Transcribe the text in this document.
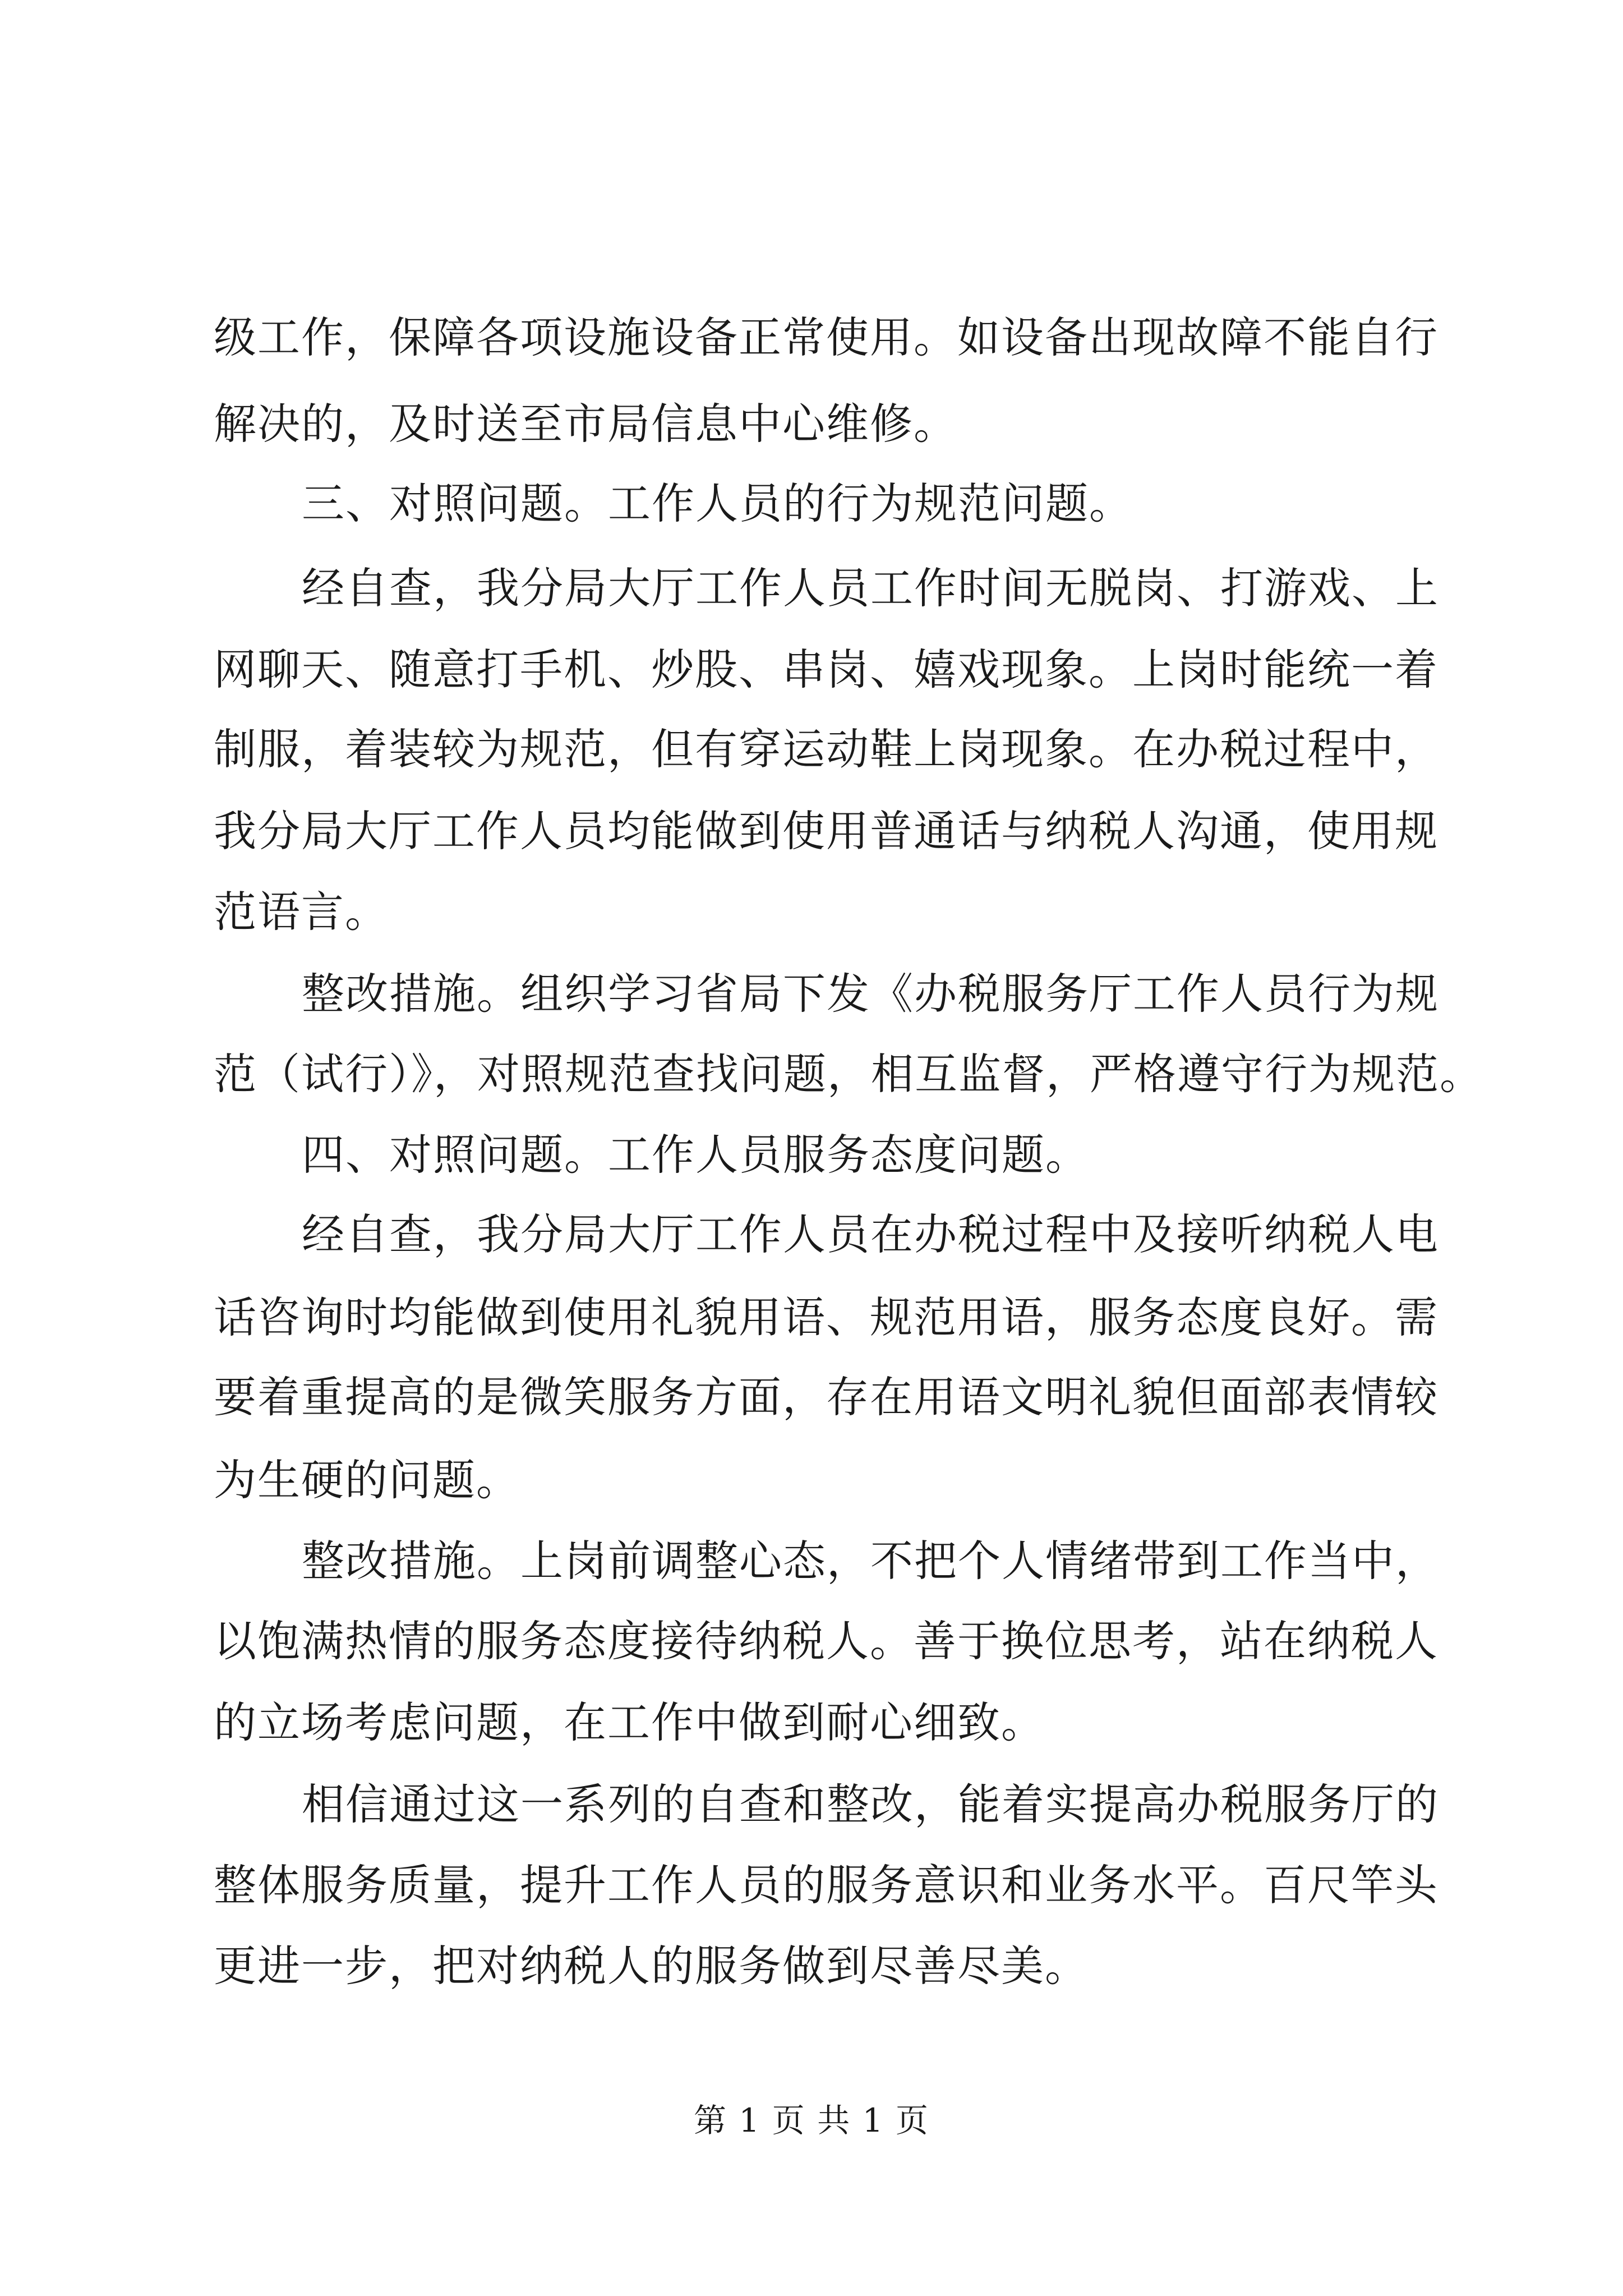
级工作，保障各项设施设备正常使用。如设备出现故障不能自行
解决的，及时送至市局信息中心维修。
三、对照问题。工作人员的行为规范问题。
经自查，我分局大厅工作人员工作时间无脱岗、打游戏、上
网聊天、随意打手机、炒股、串岗、嬉戏现象。上岗时能统一着
制服，着装较为规范，但有穿运动鞋上岗现象。在办税过程中，
我分局大厅工作人员均能做到使用普通话与纳税人沟通，使用规
范语言。
整改措施。组织学习省局下发《办税服务厅工作人员行为规
范（试行）》，对照规范查找问题，相互监督，严格遵守行为规范。
四、对照问题。工作人员服务态度问题。
经自查，我分局大厅工作人员在办税过程中及接听纳税人电
话咨询时均能做到使用礼貌用语、规范用语，服务态度良好。需
要着重提高的是微笑服务方面，存在用语文明礼貌但面部表情较
为生硬的问题。
整改措施。上岗前调整心态，不把个人情绪带到工作当中，
以饱满热情的服务态度接待纳税人。善于换位思考，站在纳税人
的立场考虑问题，在工作中做到耐心细致。
相信通过这一系列的自查和整改，能着实提高办税服务厅的
整体服务质量，提升工作人员的服务意识和业务水平。百尺竿头
更进一步，把对纳税人的服务做到尽善尽美。
第 1 页 共 1 页
